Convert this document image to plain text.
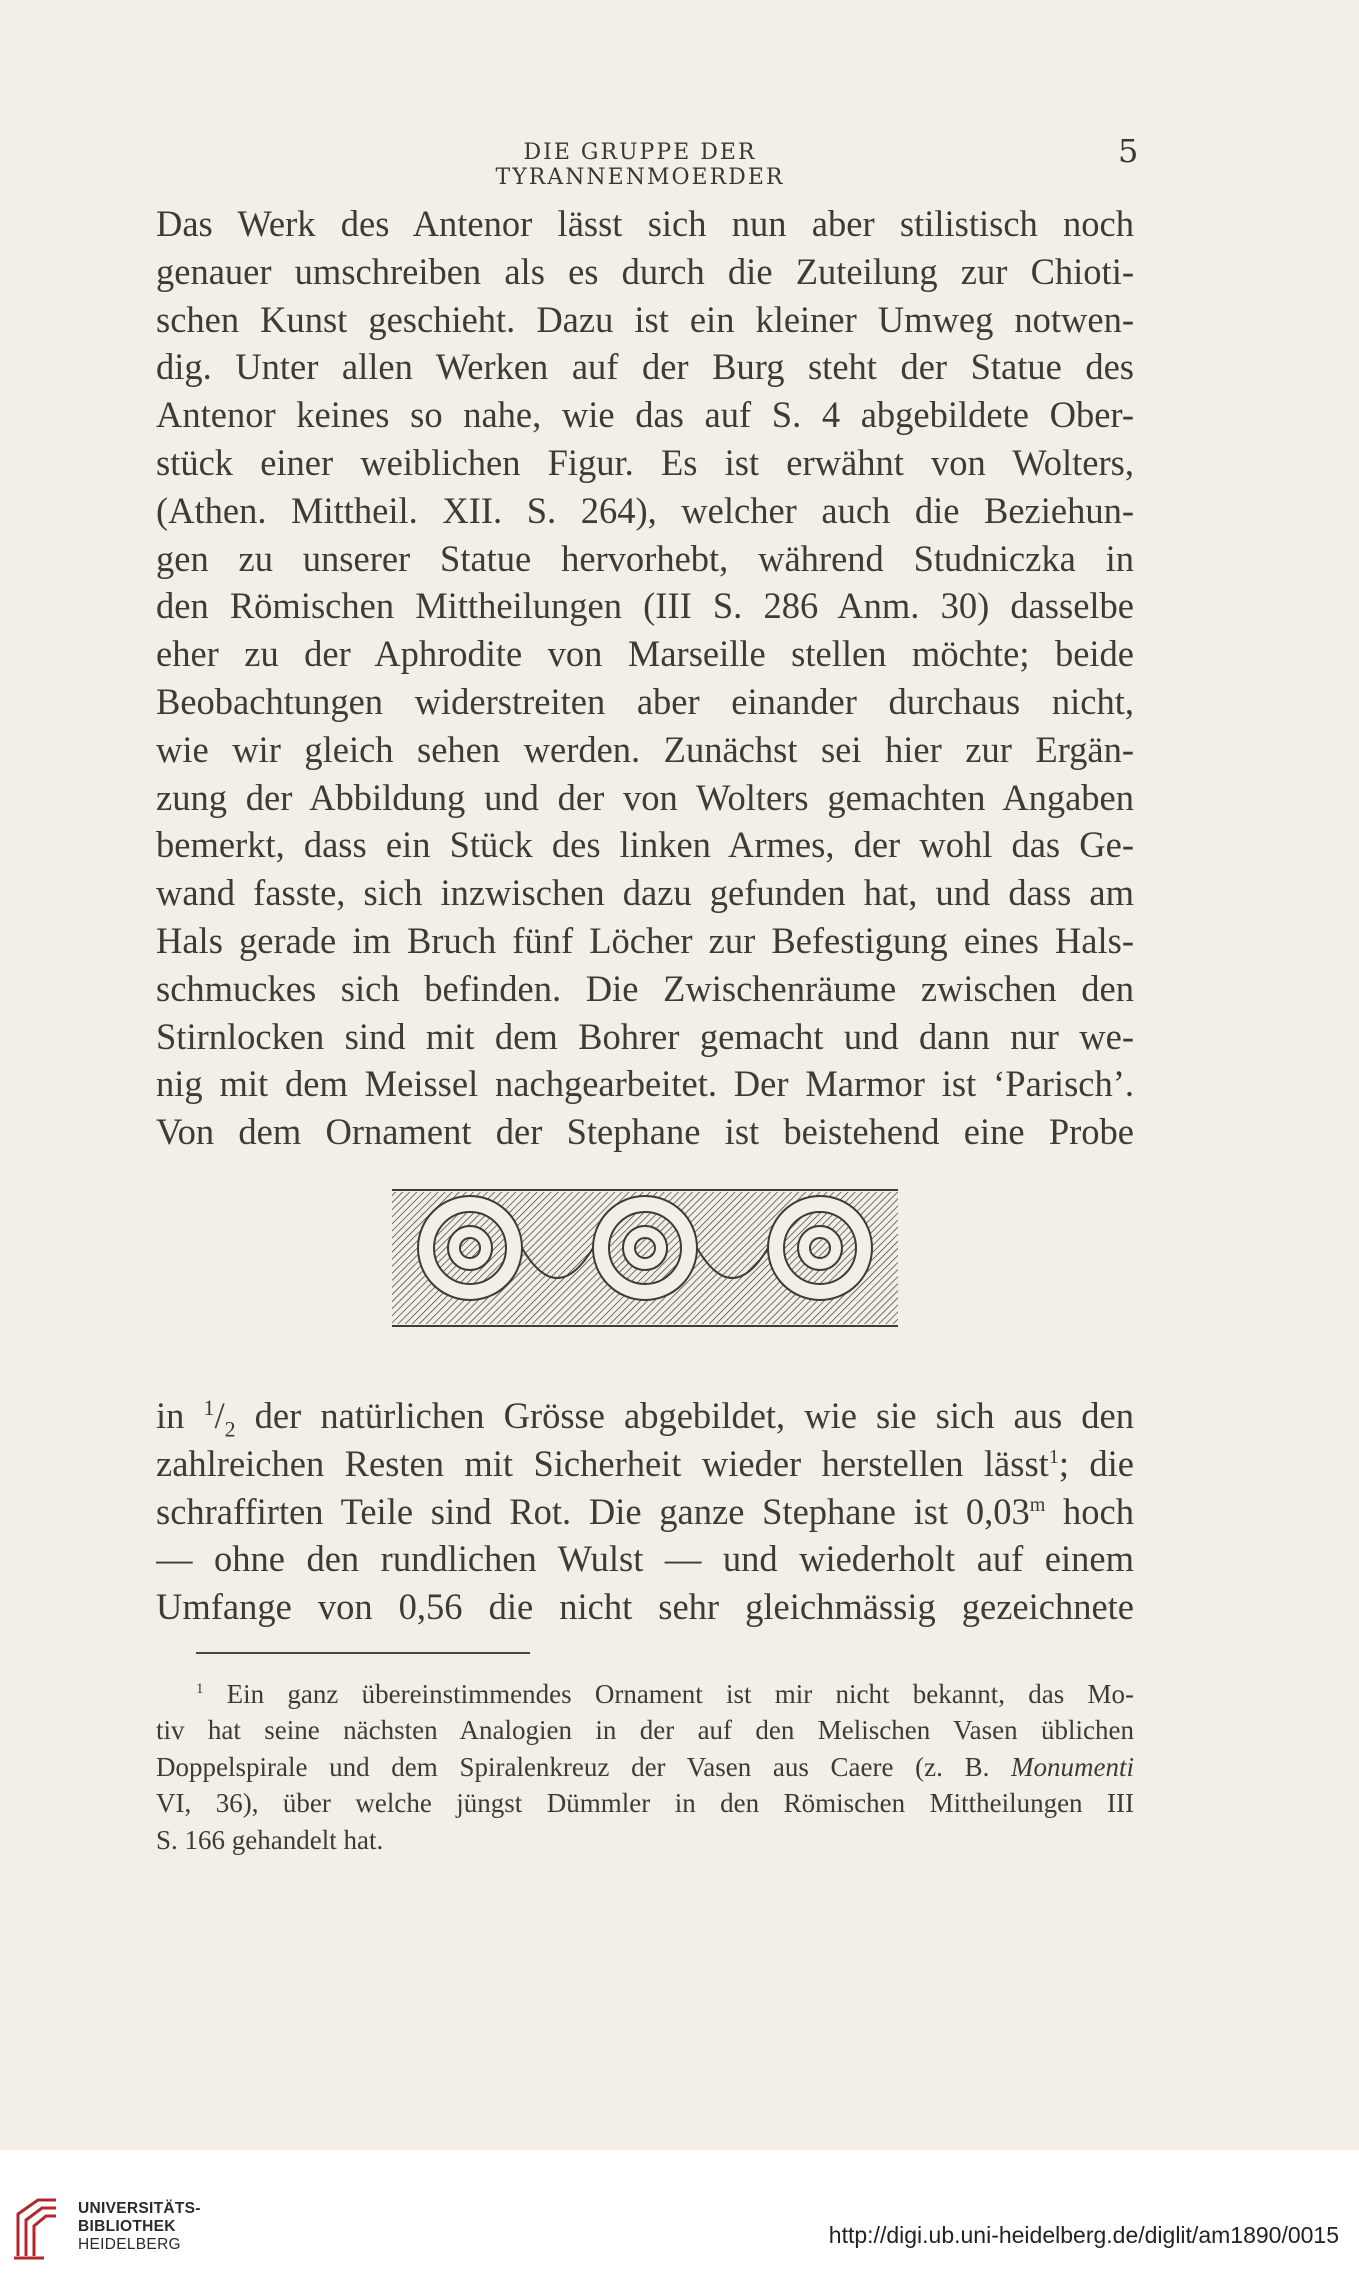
DIE GRUPPE DER TYRANNENMOERDER
5
Das Werk des Antenor lässt sich nun aber stilistisch noch
genauer umschreiben als es durch die Zuteilung zur Chioti-
schen Kunst geschieht. Dazu ist ein kleiner Umweg notwen-
dig. Unter allen Werken auf der Burg steht der Statue des
Antenor keines so nahe, wie das auf S. 4 abgebildete Ober-
stück einer weiblichen Figur. Es ist erwähnt von Wolters,
(Athen. Mittheil. XII. S. 264), welcher auch die Beziehun-
gen zu unserer Statue hervorhebt, während Studniczka in
den Römischen Mittheilungen (III S. 286 Anm. 30) dasselbe
eher zu der Aphrodite von Marseille stellen möchte; beide
Beobachtungen widerstreiten aber einander durchaus nicht,
wie wir gleich sehen werden. Zunächst sei hier zur Ergän-
zung der Abbildung und der von Wolters gemachten Angaben
bemerkt, dass ein Stück des linken Armes, der wohl das Ge-
wand fasste, sich inzwischen dazu gefunden hat, und dass am
Hals gerade im Bruch fünf Löcher zur Befestigung eines Hals-
schmuckes sich befinden. Die Zwischenräume zwischen den
Stirnlocken sind mit dem Bohrer gemacht und dann nur we-
nig mit dem Meissel nachgearbeitet. Der Marmor ist ‘Parisch’.
Von dem Ornament der Stephane ist beistehend eine Probe
in $^1/_2$ der natürlichen Grösse abgebildet, wie sie sich aus den
zahlreichen Resten mit Sicherheit wieder herstellen lässt$^1$; die
schraffirten Teile sind Rot. Die ganze Stephane ist 0,03$^m$ hoch
— ohne den rundlichen Wulst — und wiederholt auf einem
Umfange von 0,56 die nicht sehr gleichmässig gezeichnete
$^1$ Ein ganz übereinstimmendes Ornament ist mir nicht bekannt, das Mo-
tiv hat seine nächsten Analogien in der auf den Melischen Vasen üblichen
Doppelspirale und dem Spiralenkreuz der Vasen aus Caere (z. B. Monumenti
VI, 36), über welche jüngst Dümmler in den Römischen Mittheilungen III
S. 166 gehandelt hat.
UNIVERSITÄTS-
BIBLIOTHEK
HEIDELBERG	http://digi.ub.uni-heidelberg.de/diglit/am1890/0015
